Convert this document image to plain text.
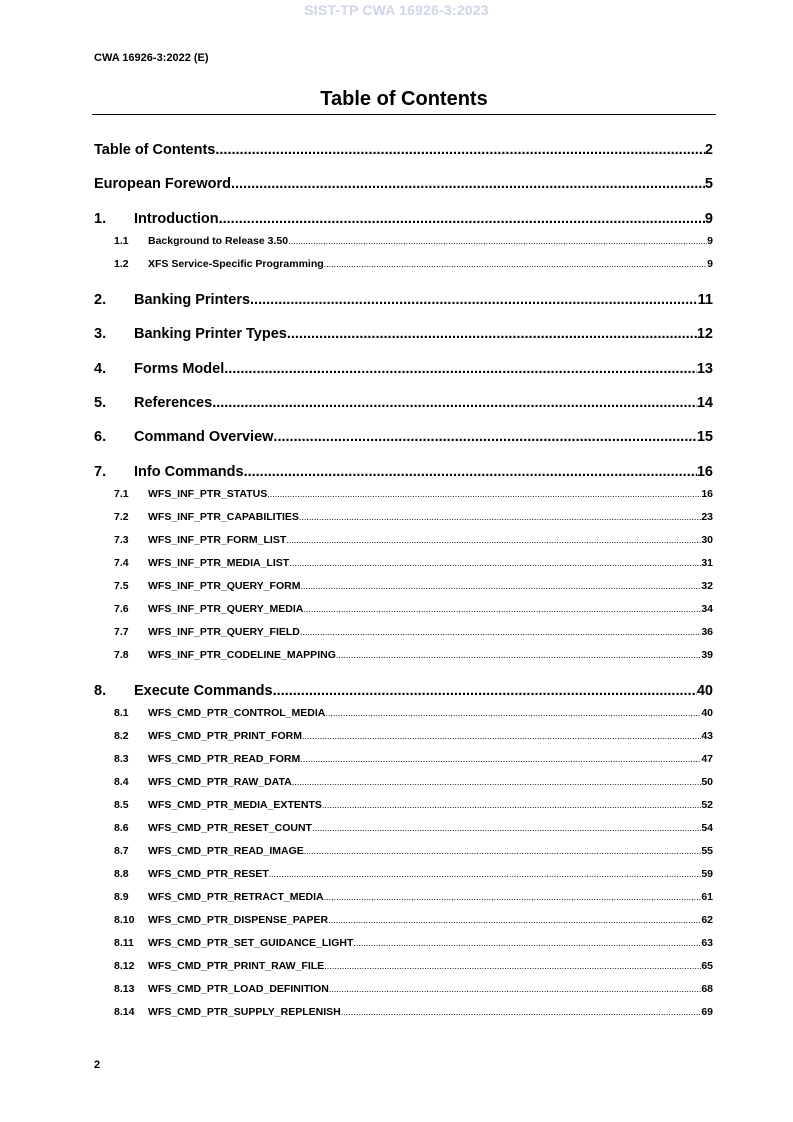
SIST-TP CWA 16926-3:2023
CWA 16926-3:2022 (E)
Table of Contents
Table of Contents .....	2
European Foreword .....	5
1.	Introduction .....	9
1.1	Background to Release 3.50 .....	9
1.2	XFS Service-Specific Programming .....	9
2.	Banking Printers .....	11
3.	Banking Printer Types .....	12
4.	Forms Model .....	13
5.	References .....	14
6.	Command Overview .....	15
7.	Info Commands .....	16
7.1	WFS_INF_PTR_STATUS .....	16
7.2	WFS_INF_PTR_CAPABILITIES .....	23
7.3	WFS_INF_PTR_FORM_LIST .....	30
7.4	WFS_INF_PTR_MEDIA_LIST .....	31
7.5	WFS_INF_PTR_QUERY_FORM .....	32
7.6	WFS_INF_PTR_QUERY_MEDIA .....	34
7.7	WFS_INF_PTR_QUERY_FIELD .....	36
7.8	WFS_INF_PTR_CODELINE_MAPPING .....	39
8.	Execute Commands .....	40
8.1	WFS_CMD_PTR_CONTROL_MEDIA .....	40
8.2	WFS_CMD_PTR_PRINT_FORM .....	43
8.3	WFS_CMD_PTR_READ_FORM .....	47
8.4	WFS_CMD_PTR_RAW_DATA .....	50
8.5	WFS_CMD_PTR_MEDIA_EXTENTS .....	52
8.6	WFS_CMD_PTR_RESET_COUNT .....	54
8.7	WFS_CMD_PTR_READ_IMAGE .....	55
8.8	WFS_CMD_PTR_RESET .....	59
8.9	WFS_CMD_PTR_RETRACT_MEDIA .....	61
8.10	WFS_CMD_PTR_DISPENSE_PAPER .....	62
8.11	WFS_CMD_PTR_SET_GUIDANCE_LIGHT .....	63
8.12	WFS_CMD_PTR_PRINT_RAW_FILE .....	65
8.13	WFS_CMD_PTR_LOAD_DEFINITION .....	68
8.14	WFS_CMD_PTR_SUPPLY_REPLENISH .....	69
2
